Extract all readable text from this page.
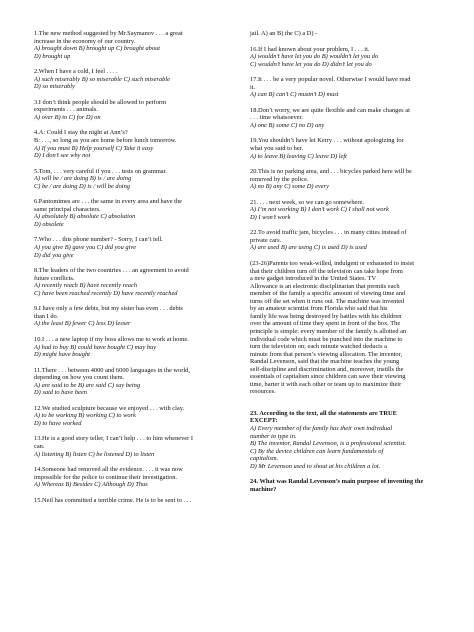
1.The new method suggested by Mr.Saymanov . . . a great

increase in the economy of our country.

A) brought down B) brought up C) brought about

D) brought up

2.When I have a cold, I feel . . . .

A) such miserably B) so miserable C) such miserable

D) so miserably

3.I don’t think people should be allowed to perform

experiments . . . animals.

A) over B) to C) for D) on

4.A: Could I stay the night at Ann’s?

B: . . ., so long as you are home before lunch tomorrow.

A) If you must B) Help yourself C) Take it easy

D) I don’t see why not

5.Tom, . . . very careful if you . . . tests on grammar.

A) will be / are doing B) is / are doing

C) be / are doing D) is / will be doing

6.Pantomimes are . . . the same in every area and have the

same principal characters.

A) absolutely B) absolute C) absolution

D) obsolete

7.Who . . . this phone number? - Sorry, I can’t tell.

A) you give B) gave you C) did you give

D) did you give

8.The leaders of the two countries . . . an agreement to avoid

future conflicts.

A) recently reach B) have recently reach

C) have been reached recently D) have recently reached

9.I have only a few debts, but my sister has even . . . debts

than I do.

A) the least B) fewer C) less D) lesser

10.I . . . a new laptop if my boss allows me to work at home.

A) had to buy B) could have bought C) may buy

D) might have bought

11.There . . . between 4000 and 6000 languages in the world,

depending on how you count them.

A) are said to be B) are said C) say being

D) said to have been

12.We studied sculpture because we enjoyed . . . with clay.

A) to be working B) working C) to work

D) to have worked

13.He is a good story teller, I can’t help . . . to him whenever I

can.

A) listening B) listen C) be listened D) to listen

14.Someone had removed all the evidence. . . . it was now

impossible for the police to continue their investigation.

A) Whereas B) Besides C) Although D) Thus

15.Neil has committed a terrible crime. He is to be sent to . . .

jail. A) an B) the C) a D) -

16.If I had known about your problem, I . . . it.

A) wouldn’t have let you do B) wouldn’t let you do

C) wouldn’t have let you do D) didn’t let you do

17.It . . . be a very popular novel. Otherwise I would have read

it.

A) can B) can’t C) mustn’t D) must

18.Don’t worry, we are quite flexible and can make changes at

. . . time whatsoever.

A) one B) some C) no D) any

19.You shouldn’t have let Kerry . . . without apologizing for

what you said to her.

A) to leave B) leaving C) leave D) left

20.This is no parking area, and . . . bicycles parked here will be

removed by the police.

A) no B) any C) some D) every

21. . . . next week, so we can go somewhere.

A) I’m not working B) I don’t work C) I shall not work

D) I won’t work

22.To avoid traffic jam, bicycles . . . in many cities instead of

private cars.

A) are used B) are using C) is used D) is used

(23-26)Parents too weak-willed, indulgent or exhausted to insist

that their children turn off the television can take hope from

a new gadget introduced in the United States. TV

Allowance is an electronic disciplinarian that permits each

member of the family a specific amount of viewing time and

turns off the set when it runs out. The machine was invented

by an amateur scientist from Florida who said that his

family life was being destroyed by battles with his children

over the amount of time they spent in front of the box. The

principle is simple: every member of the family is allotted an

individual code which must be punched into the machine to

turn the television on; each minute watched deducts a

minute from that person’s viewing allocation. The inventor,

Randal Levenson, said that the machine teaches the young

self-discipline and discrimination and, moreover, instills the

essentials of capitalism since children can save their viewing

time, barter it with each other or team up to maximize their

resources.

23. According to the text, all the statements are TRUE

EXCEPT:

A) Every member of the family has their own individual

number to type in.

B) The inventor, Randal Levenson, is a professional scientist.

C) By the device children can learn fundamentals of

capitalism.

D) Mr Levenson used to shout at his children a lot.

24. What was Randal Levenson’s main purpose of inventing the

machine?
